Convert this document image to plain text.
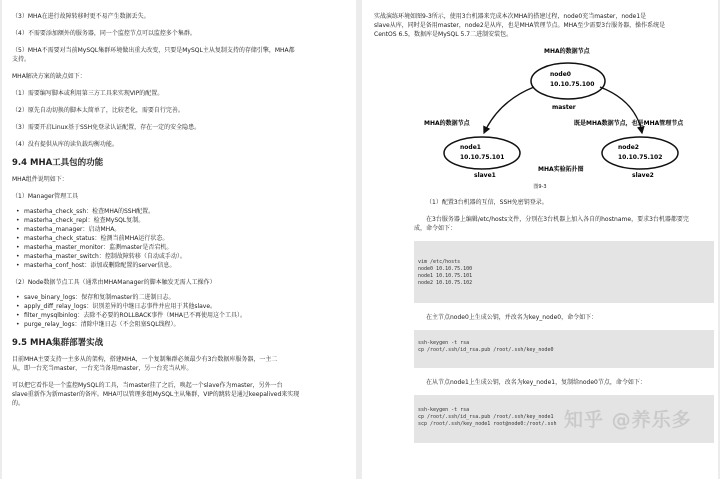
（3）MHA在进行故障转移时更不易产生数据丢失。

（4）不需要添加额外的服务器，同一个监控节点可以监控多个集群。

（5）MHA不需要对当前MySQL集群环境做出重大改变，只要是MySQL主从复制支持的存储引擎，MHA都

支持。

MHA解决方案的缺点如下：

（1）需要编写脚本或利用第三方工具来实现VIP的配置。

（2）原先自动切换的脚本太简单了，比较老化，需要自行完善。

（3）需要开启Linux基于SSH免登录认证配置，存在一定的安全隐患。

（4）没有提供从库的读负载均衡功能。

9.4 MHA工具包的功能

MHA组件说明如下：

（1）Manager管理工具

• masterha_check_ssh：检查MHA的SSH配置。

• masterha_check_repl：检查MySQL复制。

• masterha_manager：启动MHA。

• masterha_check_status：检测当前MHA运行状态。

• masterha_master_monitor：监测master是否宕机。

• masterha_master_switch：控制故障转移（自动或手动）。

• masterha_conf_host：添加或删除配置的server信息。

（2）Node数据节点工具（通常由MHAManager的脚本触发无需人工操作）

• save_binary_logs：保存和复制master的二进制日志。

• apply_diff_relay_logs：识别差异的中继日志事件并应用于其他slave。

• filter_mysqlbinlog：去除不必要的ROLLBACK事件（MHA已不再使用这个工具）。

• purge_relay_logs：清除中继日志（不会阻塞SQL线程）。

9.5 MHA集群部署实战

目前MHA主要支持一主多从的架构，搭建MHA，一个复制集群必须最少有3台数据库服务器，一主二

从，即一台充当master，一台充当备用master，另一台充当从库。

可以把它看作是一个监控MySQL的工具，当master挂了之后，唤起一个slave作为master，另外一台

slave重新作为新master的备库。MHA可以管理多组MySQL主从集群，VIP的跳转是通过keepalived来实现

的。

实战演练环境如图9-3所示，使用3台机器来完成本次MHA的搭建过程，node0充当master，node1是

slave从库，同时是备用master，node2是从库，也是MHA管理节点。MHA至少需要3台服务器，操作系统是

CentOS 6.5，数据库是MySQL 5.7二进制安装包。

MHA的数据节点
node0
10.10.75.100
master
MHA的数据节点
node1
10.10.75.101
slave1
既是MHA数据节点，也是MHA管理节点
node2
10.10.75.102
slave2
MHA实验拓扑图

图9-3

（1）配置3台机器的互信，SSH免密钥登录。

在3台服务器上编辑/etc/hosts文件，分别在3台机器上加入各自的hostname，要求3台机器都要完

成，命令如下：

vim /etc/hosts
node0 10.10.75.100
node1 10.10.75.101
node2 10.10.75.102

在主节点node0上生成公钥，并改名为key_node0，命令如下：

ssh-keygen -t rsa
cp /root/.ssh/id_rsa.pub /root/.ssh/key_node0

在从节点node1上生成公钥，改名为key_node1，复制给node0节点，命令如下：

ssh-keygen -t rsa
cp /root/.ssh/id_rsa.pub /root/.ssh/key_node1
scp /root/.ssh/key_node1 root@node0:/root/.ssh 知乎 @养乐多
